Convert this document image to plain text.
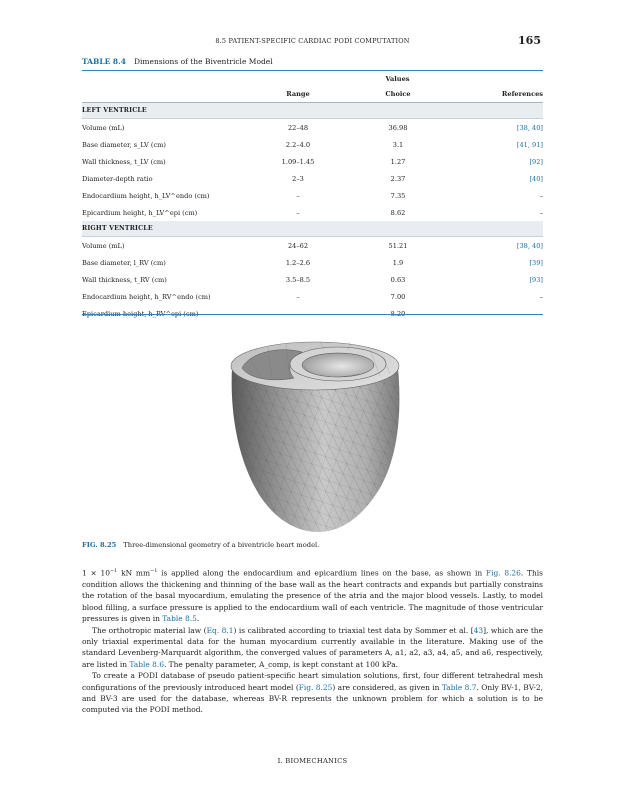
8.5 PATIENT-SPECIFIC CARDIAC PODI COMPUTATION	165
TABLE 8.4 Dimensions of the Biventricle Model

	Values		

	Range	Choice	References
LEFT VENTRICLE			
Volume (mL)	22–48	36.98	[38, 40]
Base diameter, s_LV (cm)	2.2–4.0	3.1	[41, 91]
Wall thickness, t_LV (cm)	1.09–1.45	1.27	[92]
Diameter-depth ratio	2–3	2.37	[40]
Endocardium height, h_LV^endo (cm)	–	7.35	–
Epicardium height, h_LV^epi (cm)	–	8.62	–
RIGHT VENTRICLE			
Volume (mL)	24–62	51.21	[38, 40]
Base diameter, l_RV (cm)	1.2–2.6	1.9	[39]
Wall thickness, t_RV (cm)	3.5–8.5	0.63	[93]
Endocardium height, h_RV^endo (cm)	–	7.00	–
Epicardium height, h_RV^epi (cm)	–	8.20	–
FIG. 8.25 Three-dimensional geometry of a biventricle heart model.

$1 \times 10^{-1}$ kN $mm^{-1}$ is applied along the endocardium and epicardium lines on the base, as shown in Fig. 8.26. This condition allows the thickening and thinning of the base wall as the heart contracts and expands but partially constrains the rotation of the basal myocardium, emulating the presence of the atria and the major blood vessels. Lastly, to model blood filling, a surface pressure is applied to the endocardium wall of each ventricle. The magnitude of those ventricular pressures is given in Table 8.5.

The orthotropic material law (Eq. 8.1) is calibrated according to triaxial test data by Sommer et al. [43], which are the only triaxial experimental data for the human myocardium currently available in the literature. Making use of the standard Levenberg-Marquardt algorithm, the converged values of parameters A, a1, a2, a3, a4, a5, and a6, respectively, are listed in Table 8.6. The penalty parameter, A_comp, is kept constant at 100 kPa.

To create a PODI database of pseudo patient-specific heart simulation solutions, first, four different tetrahedral mesh configurations of the previously introduced heart model (Fig. 8.25) are considered, as given in Table 8.7. Only BV-1, BV-2, and BV-3 are used for the database, whereas BV-R represents the unknown problem for which a solution is to be computed via the PODI method.

I. BIOMECHANICS
